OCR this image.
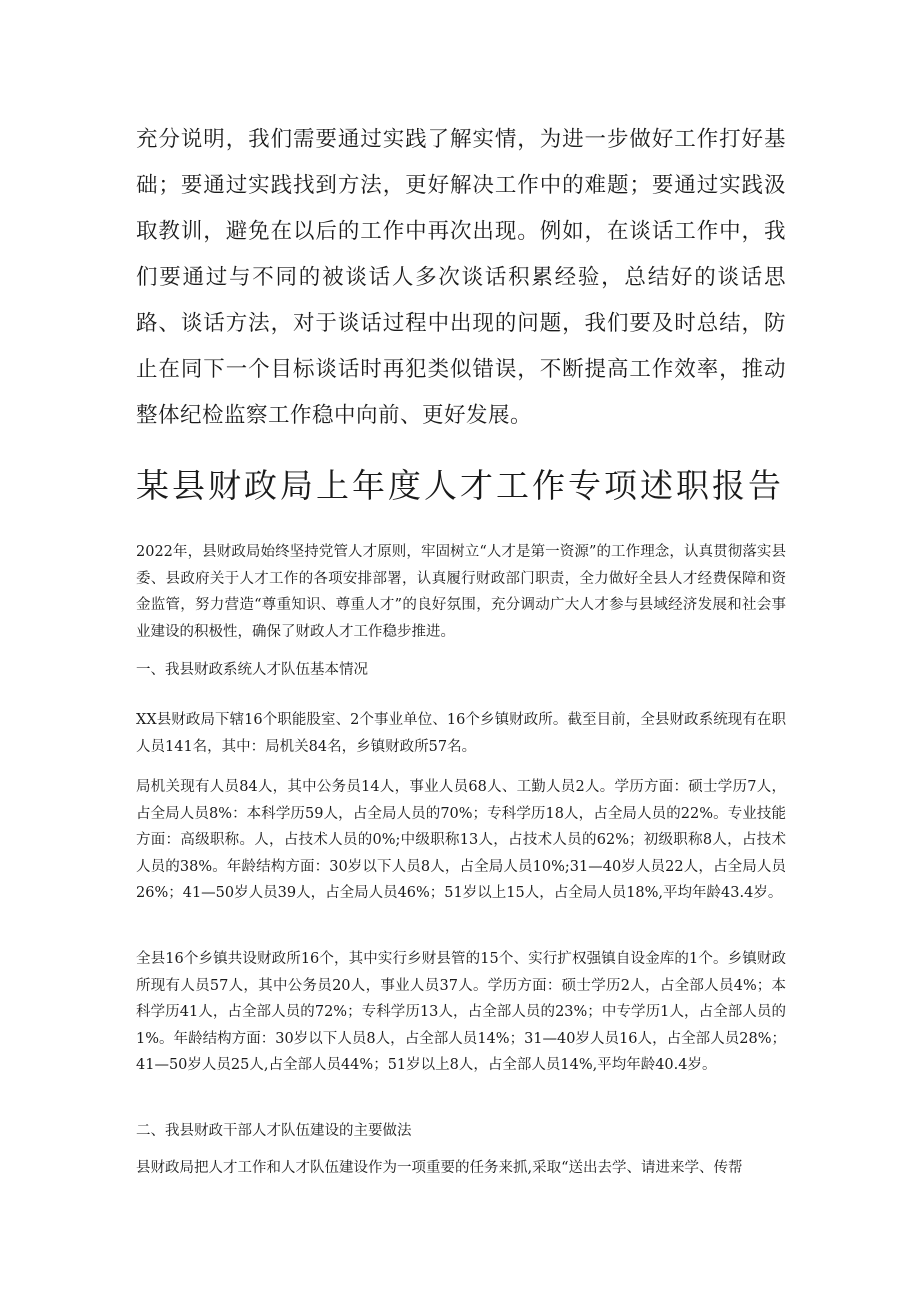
充分说明，我们需要通过实践了解实情，为进一步做好工作打好基础；要通过实践找到方法，更好解决工作中的难题；要通过实践汲取教训，避免在以后的工作中再次出现。例如，在谈话工作中，我们要通过与不同的被谈话人多次谈话积累经验，总结好的谈话思路、谈话方法，对于谈话过程中出现的问题，我们要及时总结，防止在同下一个目标谈话时再犯类似错误，不断提高工作效率，推动整体纪检监察工作稳中向前、更好发展。

某县财政局上年度人才工作专项述职报告

2022年，县财政局始终坚持党管人才原则，牢固树立“人才是第一资源”的工作理念，认真贯彻落实县委、县政府关于人才工作的各项安排部署，认真履行财政部门职责，全力做好全县人才经费保障和资金监管，努力营造“尊重知识、尊重人才”的良好氛围，充分调动广大人才参与县域经济发展和社会事业建设的积极性，确保了财政人才工作稳步推进。

一、我县财政系统人才队伍基本情况

XX县财政局下辖16个职能股室、2个事业单位、16个乡镇财政所。截至目前，全县财政系统现有在职人员141名，其中：局机关84名，乡镇财政所57名。

局机关现有人员84人，其中公务员14人，事业人员68人、工勤人员2人。学历方面：硕士学历7人，占全局人员8%：本科学历59人，占全局人员的70%；专科学历18人，占全局人员的22%。专业技能方面：高级职称。人，占技术人员的0%;中级职称13人，占技术人员的62%；初级职称8人，占技术人员的38%。年龄结构方面：30岁以下人员8人，占全局人员10%;31—40岁人员22人，占全局人员26%；41—50岁人员39人，占全局人员46%；51岁以上15人，占全局人员18%,平均年龄43.4岁。

全县16个乡镇共设财政所16个，其中实行乡财县管的15个、实行扩权强镇自设金库的1个。乡镇财政所现有人员57人，其中公务员20人，事业人员37人。学历方面：硕士学历2人，占全部人员4%；本科学历41人，占全部人员的72%；专科学历13人，占全部人员的23%；中专学历1人，占全部人员的1%。年龄结构方面：30岁以下人员8人，占全部人员14%；31—40岁人员16人，占全部人员28%；41—50岁人员25人,占全部人员44%；51岁以上8人，占全部人员14%,平均年龄40.4岁。

二、我县财政干部人才队伍建设的主要做法

县财政局把人才工作和人才队伍建设作为一项重要的任务来抓,采取“送出去学、请进来学、传帮
